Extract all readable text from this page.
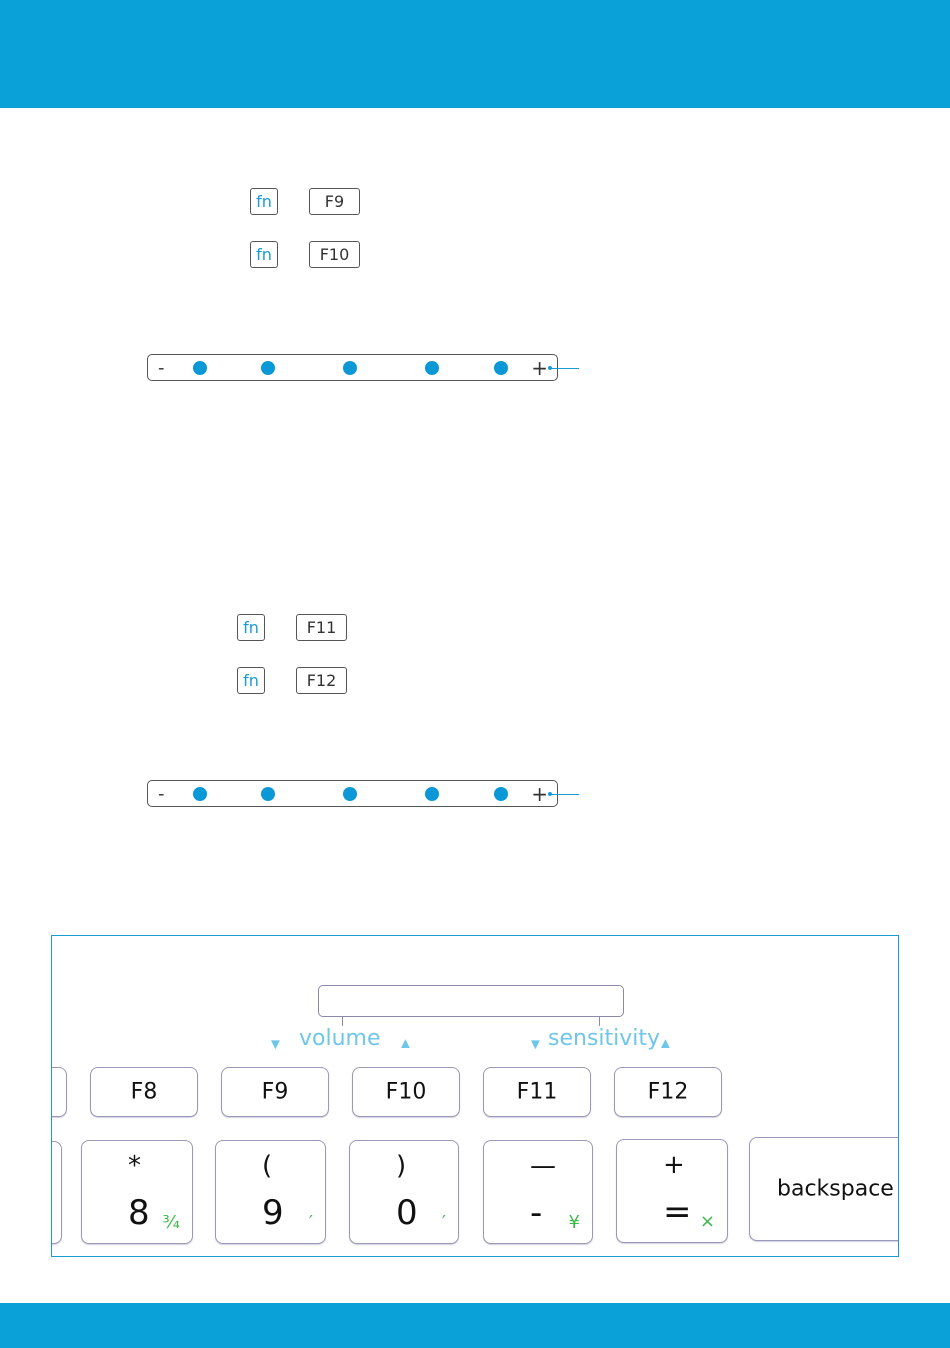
fn	F9
fn	F10
-	+
fn	F11
fn	F12
-	+
▼ volume ▲	▼ sensitivity
▲
F8	F9	F10	F11	F12
*
8 ¾
(
9 ′
)
0 ′
—
- ¥
+
= ×
backspace
